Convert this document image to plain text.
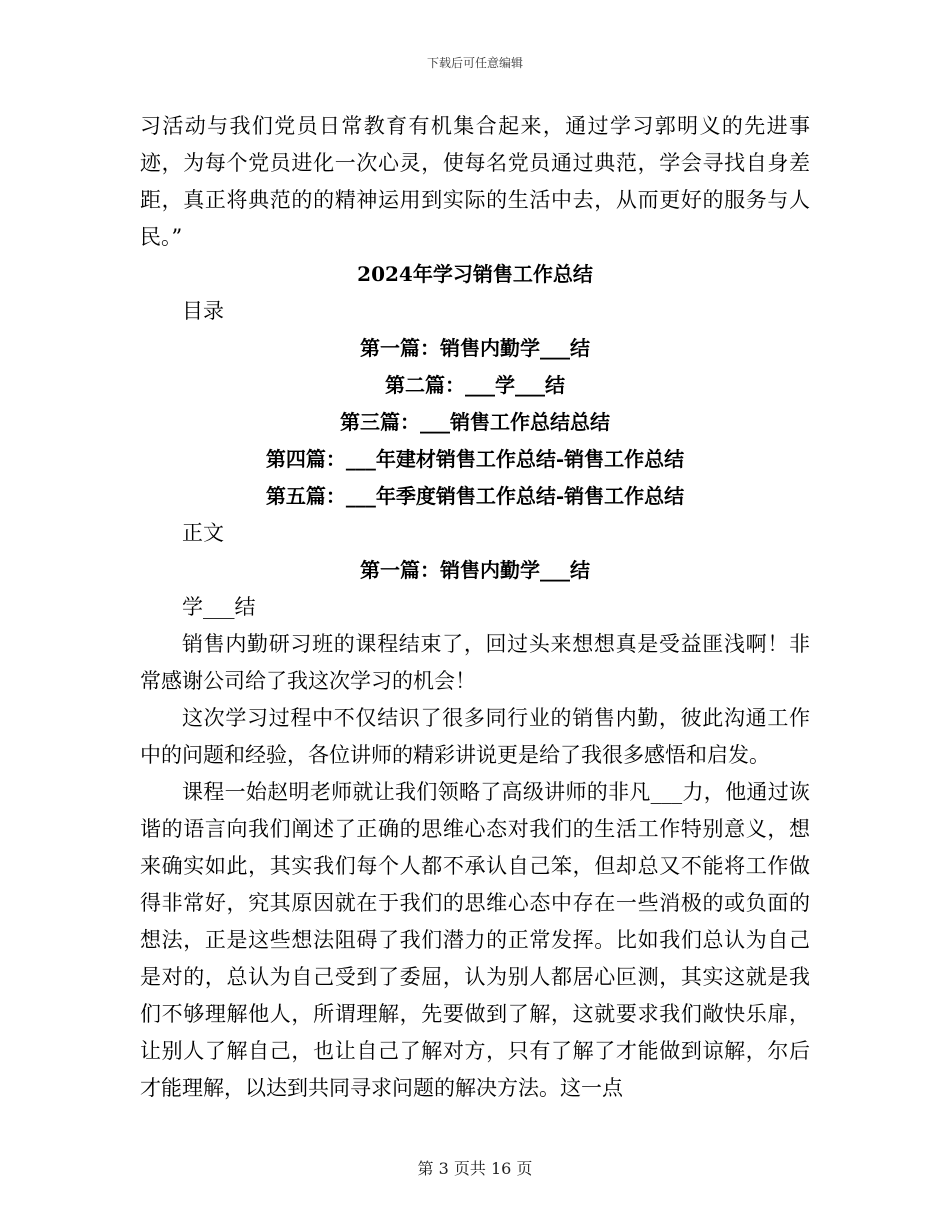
下载后可任意编辑

习活动与我们党员日常教育有机集合起来，通过学习郭明义的先进事迹，为每个党员进化一次心灵，使每名党员通过典范，学会寻找自身差距，真正将典范的的精神运用到实际的生活中去，从而更好的服务与人民。”

2024年学习销售工作总结

目录

第一篇：销售内勤学___结

第二篇：___学___结

第三篇：___销售工作总结总结

第四篇：___年建材销售工作总结-销售工作总结

第五篇：___年季度销售工作总结-销售工作总结

正文

第一篇：销售内勤学___结

学___结

销售内勤研习班的课程结束了，回过头来想想真是受益匪浅啊！非常感谢公司给了我这次学习的机会！

这次学习过程中不仅结识了很多同行业的销售内勤，彼此沟通工作中的问题和经验，各位讲师的精彩讲说更是给了我很多感悟和启发。

课程一始赵明老师就让我们领略了高级讲师的非凡___力，他通过诙谐的语言向我们阐述了正确的思维心态对我们的生活工作特别意义，想来确实如此，其实我们每个人都不承认自己笨，但却总又不能将工作做得非常好，究其原因就在于我们的思维心态中存在一些消极的或负面的想法，正是这些想法阻碍了我们潜力的正常发挥。比如我们总认为自己是对的，总认为自己受到了委屈，认为别人都居心叵测，其实这就是我们不够理解他人，所谓理解，先要做到了解，这就要求我们敞快乐扉，让别人了解自己，也让自己了解对方，只有了解了才能做到谅解，尔后才能理解，以达到共同寻求问题的解决方法。这一点

第 3 页共 16 页
